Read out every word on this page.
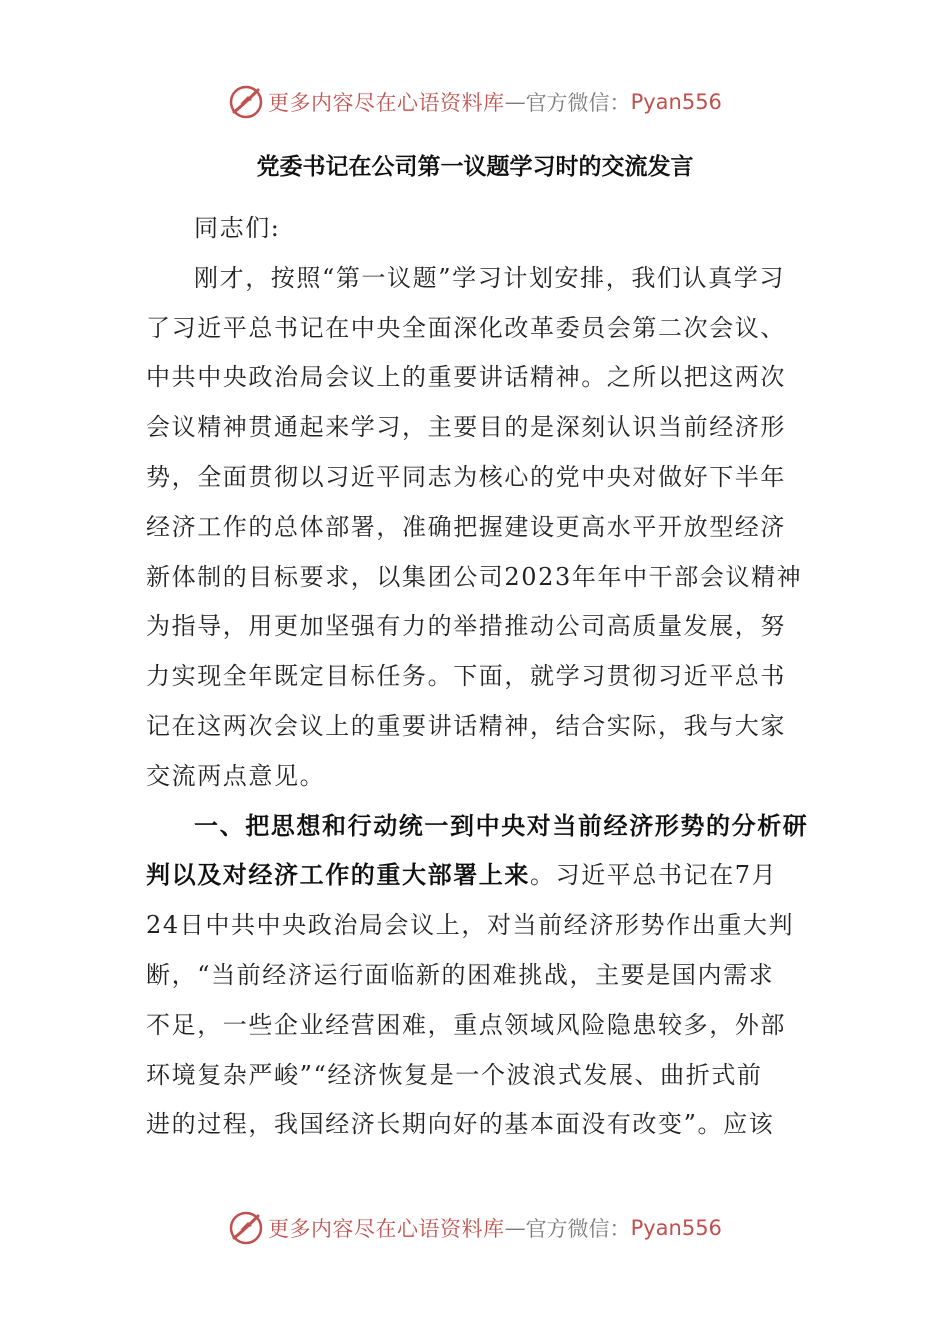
更多内容尽在心语资料库 — 官方微信： Pyan556
党委书记在公司第一议题学习时的交流发言
同志们:
刚才，按照“第一议题”学习计划安排，我们认真学习
了习近平总书记在中央全面深化改革委员会第二次会议、
中共中央政治局会议上的重要讲话精神。之所以把这两次
会议精神贯通起来学习，主要目的是深刻认识当前经济形
势，全面贯彻以习近平同志为核心的党中央对做好下半年
经济工作的总体部署，准确把握建设更高水平开放型经济
新体制的目标要求，以集团公司2023年年中干部会议精神
为指导，用更加坚强有力的举措推动公司高质量发展，努
力实现全年既定目标任务。下面，就学习贯彻习近平总书
记在这两次会议上的重要讲话精神，结合实际，我与大家
交流两点意见。
一、把思想和行动统一到中央对当前经济形势的分析研
判以及对经济工作的重大部署上来。习近平总书记在7月
24日中共中央政治局会议上，对当前经济形势作出重大判
断，“当前经济运行面临新的困难挑战，主要是国内需求
不足，一些企业经营困难，重点领域风险隐患较多，外部
环境复杂严峻”“经济恢复是一个波浪式发展、曲折式前
进的过程，我国经济长期向好的基本面没有改变”。应该
更多内容尽在心语资料库 — 官方微信： Pyan556
